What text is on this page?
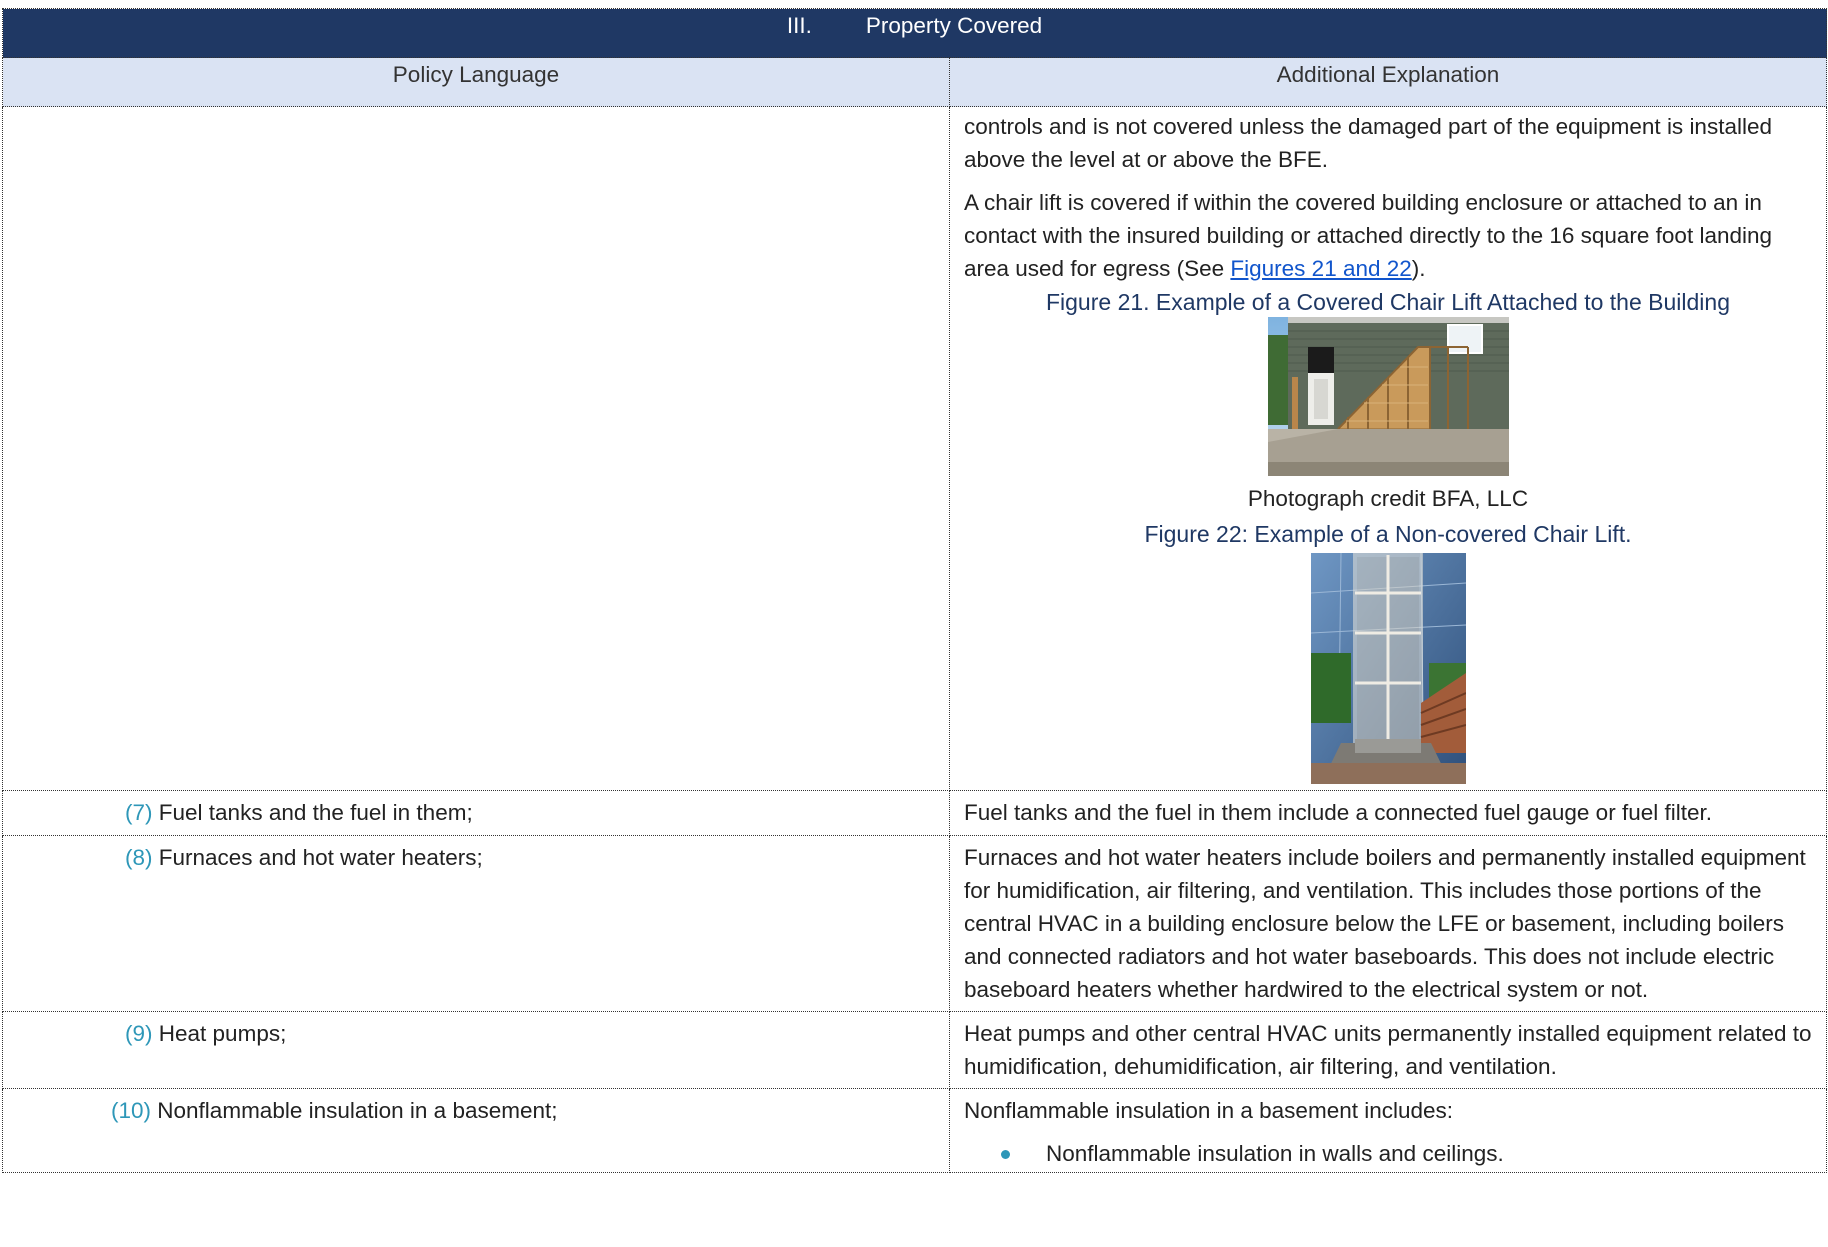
III. Property Covered	
Policy Language	Additional Explanation

	controls and is not covered unless the damaged part of the equipment is installed above the level at or above the BFE.

A chair lift is covered if within the covered building enclosure or attached to an in contact with the insured building or attached directly to the 16 square foot landing area used for egress (See Figures 21 and 22).

Figure 21. Example of a Covered Chair Lift Attached to the Building
Photograph credit BFA, LLC
Figure 22: Example of a Non-covered Chair Lift.

(7) Fuel tanks and the fuel in them;	Fuel tanks and the fuel in them include a connected fuel gauge or fuel filter.
(8) Furnaces and hot water heaters;	Furnaces and hot water heaters include boilers and permanently installed equipment for humidification, air filtering, and ventilation. This includes those portions of the central HVAC in a building enclosure below the LFE or basement, including boilers and connected radiators and hot water baseboards. This does not include electric baseboard heaters whether hardwired to the electrical system or not.
(9) Heat pumps;	Heat pumps and other central HVAC units permanently installed equipment related to humidification, dehumidification, air filtering, and ventilation.
(10) Nonflammable insulation in a basement;	Nonflammable insulation in a basement includes:
Nonflammable insulation in walls and ceilings.
